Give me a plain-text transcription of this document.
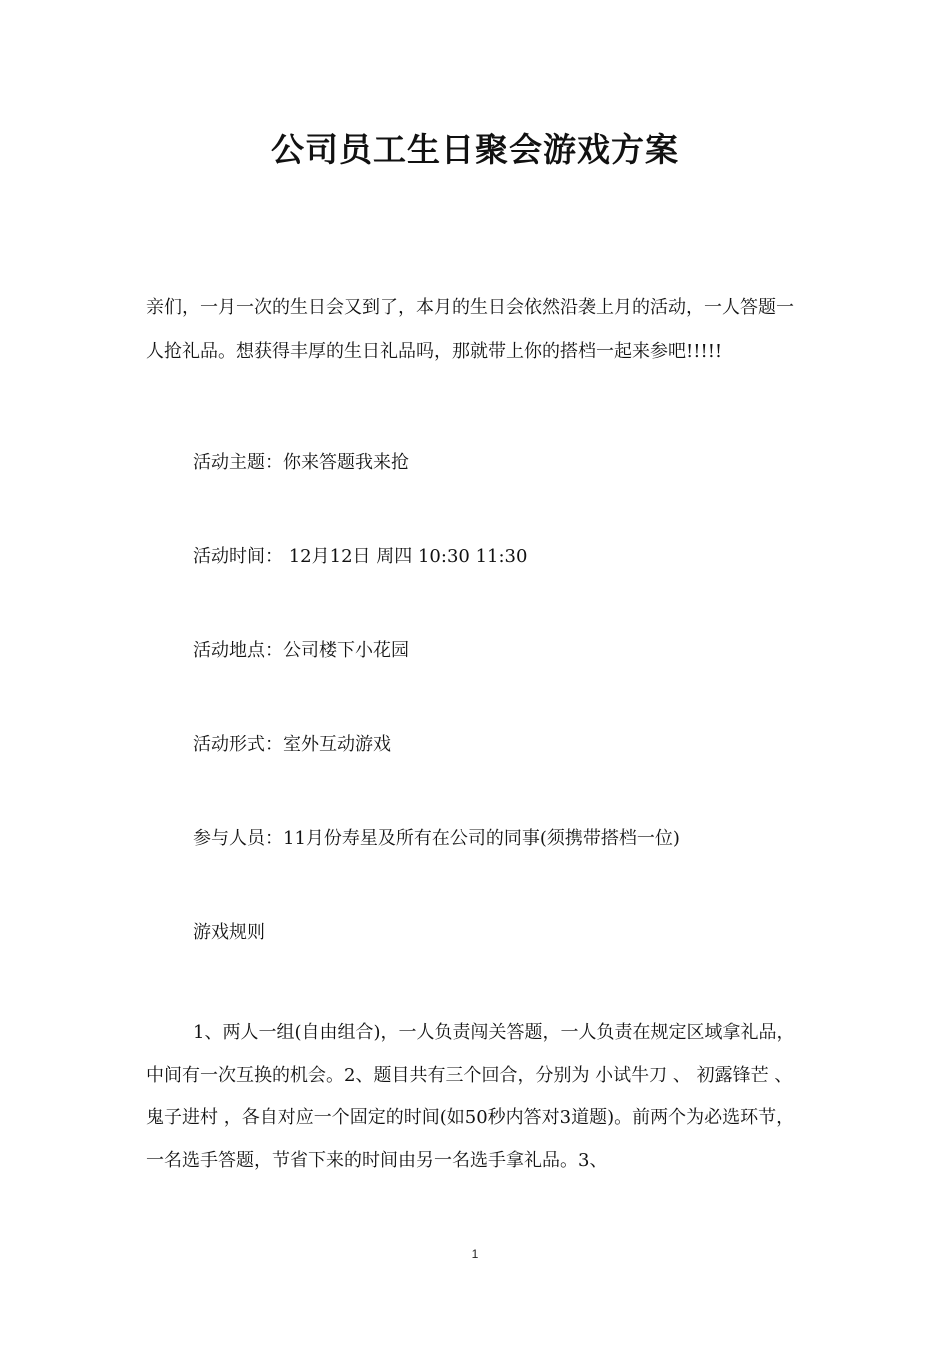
公司员工生日聚会游戏方案

亲们，一月一次的生日会又到了，本月的生日会依然沿袭上月的活动，一人答题一人抢礼品。想获得丰厚的生日礼品吗，那就带上你的搭档一起来参吧!!!!!

活动主题：你来答题我来抢
活动时间： 12月12日 周四 10:30 11:30
活动地点：公司楼下小花园
活动形式：室外互动游戏
参与人员：11月份寿星及所有在公司的同事(须携带搭档一位)
游戏规则

1、两人一组(自由组合)，一人负责闯关答题，一人负责在规定区域拿礼品，中间有一次互换的机会。2、题目共有三个回合，分别为 小试牛刀 、 初露锋芒 、 鬼子进村 ，各自对应一个固定的时间(如50秒内答对3道题)。前两个为必选环节，一名选手答题，节省下来的时间由另一名选手拿礼品。3、

1
